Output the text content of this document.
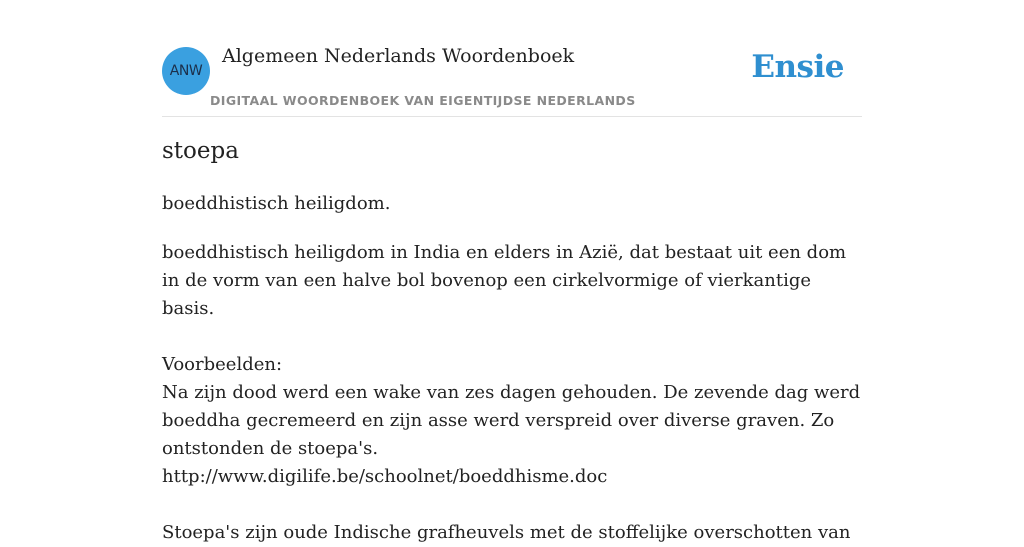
ANW
Algemeen Nederlands Woordenboek
DIGITAAL WOORDENBOEK VAN EIGENTIJDSE NEDERLANDS
Ensie
stoepa
boeddhistisch heiligdom.

boeddhistisch heiligdom in India en elders in Azië, dat bestaat uit een dom in de vorm van een halve bol bovenop een cirkelvormige of vierkantige basis.

Voorbeelden:

Na zijn dood werd een wake van zes dagen gehouden. De zevende dag werd boeddha gecremeerd en zijn asse werd verspreid over diverse graven. Zo ontstonden de stoepa's.

http://www.digilife.be/schoolnet/boeddhisme.doc

Stoepa's zijn oude Indische grafheuvels met de stoffelijke overschotten van
